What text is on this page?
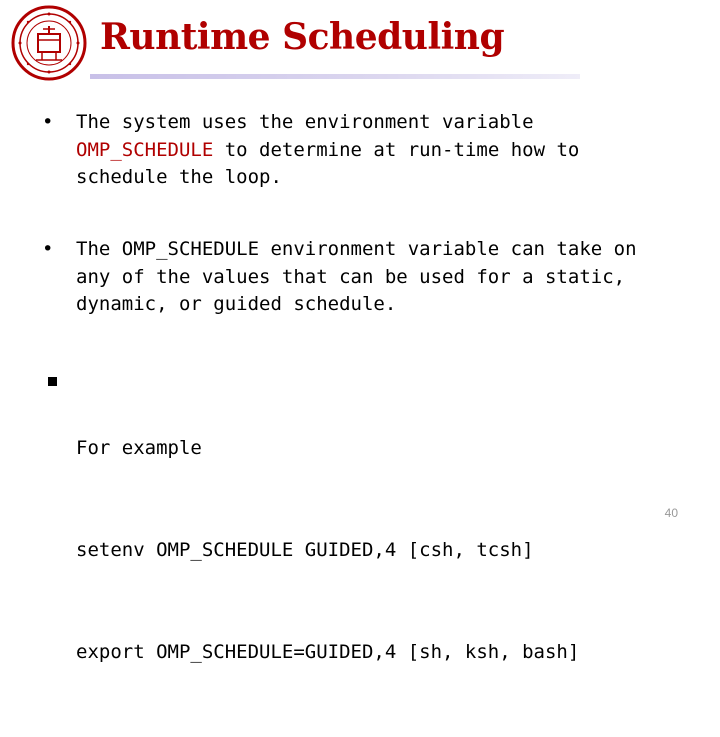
Runtime Scheduling
•	The system uses the environment variable
OMP_SCHEDULE to determine at run-time how to
schedule the loop.
•	The OMP_SCHEDULE environment variable can take on
any of the values that can be used for a static,
dynamic, or guided schedule.

For example

setenv OMP_SCHEDULE GUIDED,4 [csh, tcsh]

export OMP_SCHEDULE=GUIDED,4 [sh, ksh, bash]

40
